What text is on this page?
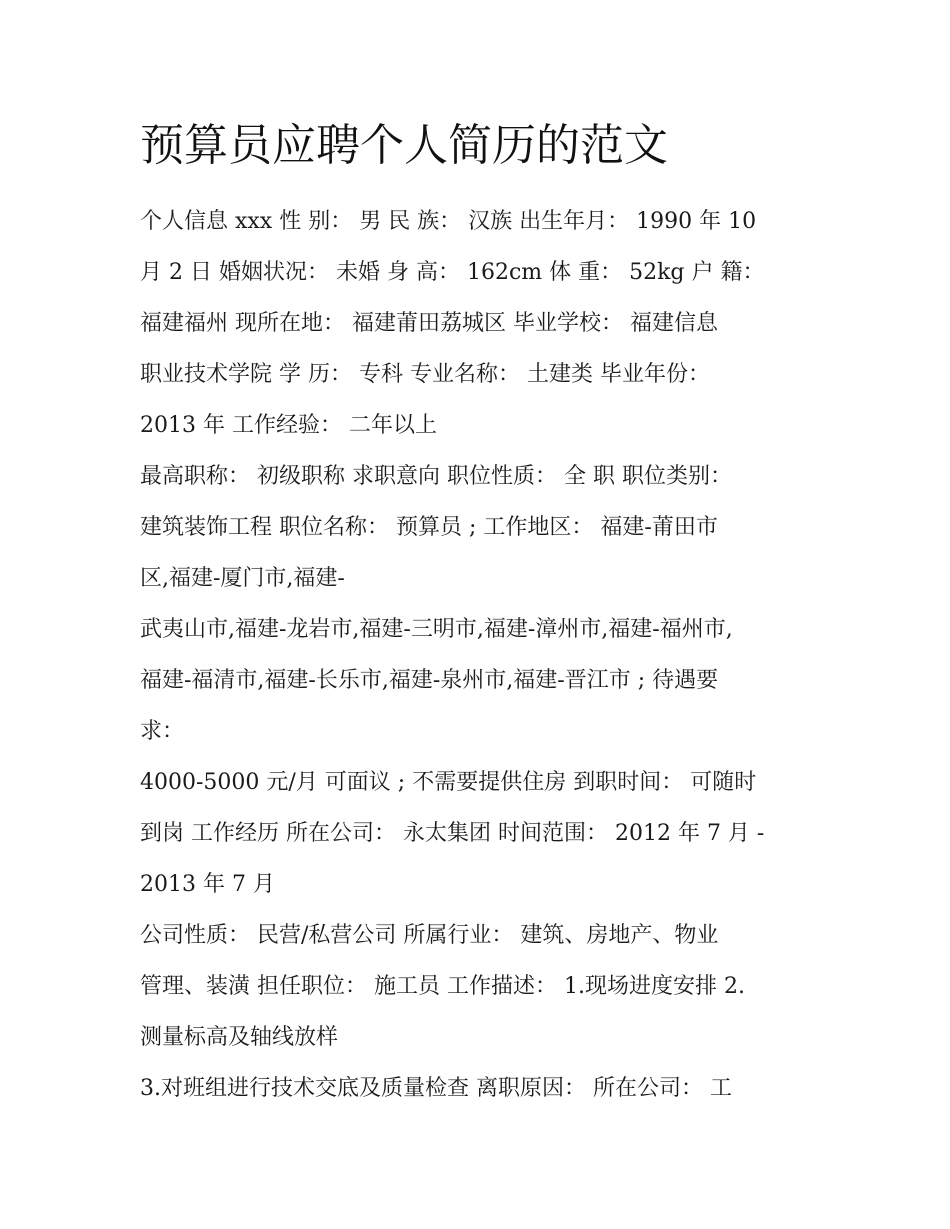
预算员应聘个人简历的范文

个人信息 xxx 性 别： 男 民 族： 汉族 出生年月： 1990 年 10

月 2 日 婚姻状况： 未婚 身 高： 162cm 体 重： 52kg 户 籍：

福建福州 现所在地： 福建莆田荔城区 毕业学校： 福建信息

职业技术学院 学 历： 专科 专业名称： 土建类 毕业年份：

2013 年 工作经验： 二年以上

最高职称： 初级职称 求职意向 职位性质： 全 职 职位类别：

建筑装饰工程 职位名称： 预算员 ; 工作地区： 福建-莆田市

区,福建-厦门市,福建-

武夷山市,福建-龙岩市,福建-三明市,福建-漳州市,福建-福州市,

福建-福清市,福建-长乐市,福建-泉州市,福建-晋江市 ; 待遇要

求：

4000-5000 元/月 可面议 ; 不需要提供住房 到职时间： 可随时

到岗 工作经历 所在公司： 永太集团 时间范围： 2012 年 7 月 -

2013 年 7 月

公司性质： 民营/私营公司 所属行业： 建筑、房地产、物业

管理、装潢 担任职位： 施工员 工作描述： 1.现场进度安排 2.

测量标高及轴线放样

3.对班组进行技术交底及质量检查 离职原因： 所在公司： 工
